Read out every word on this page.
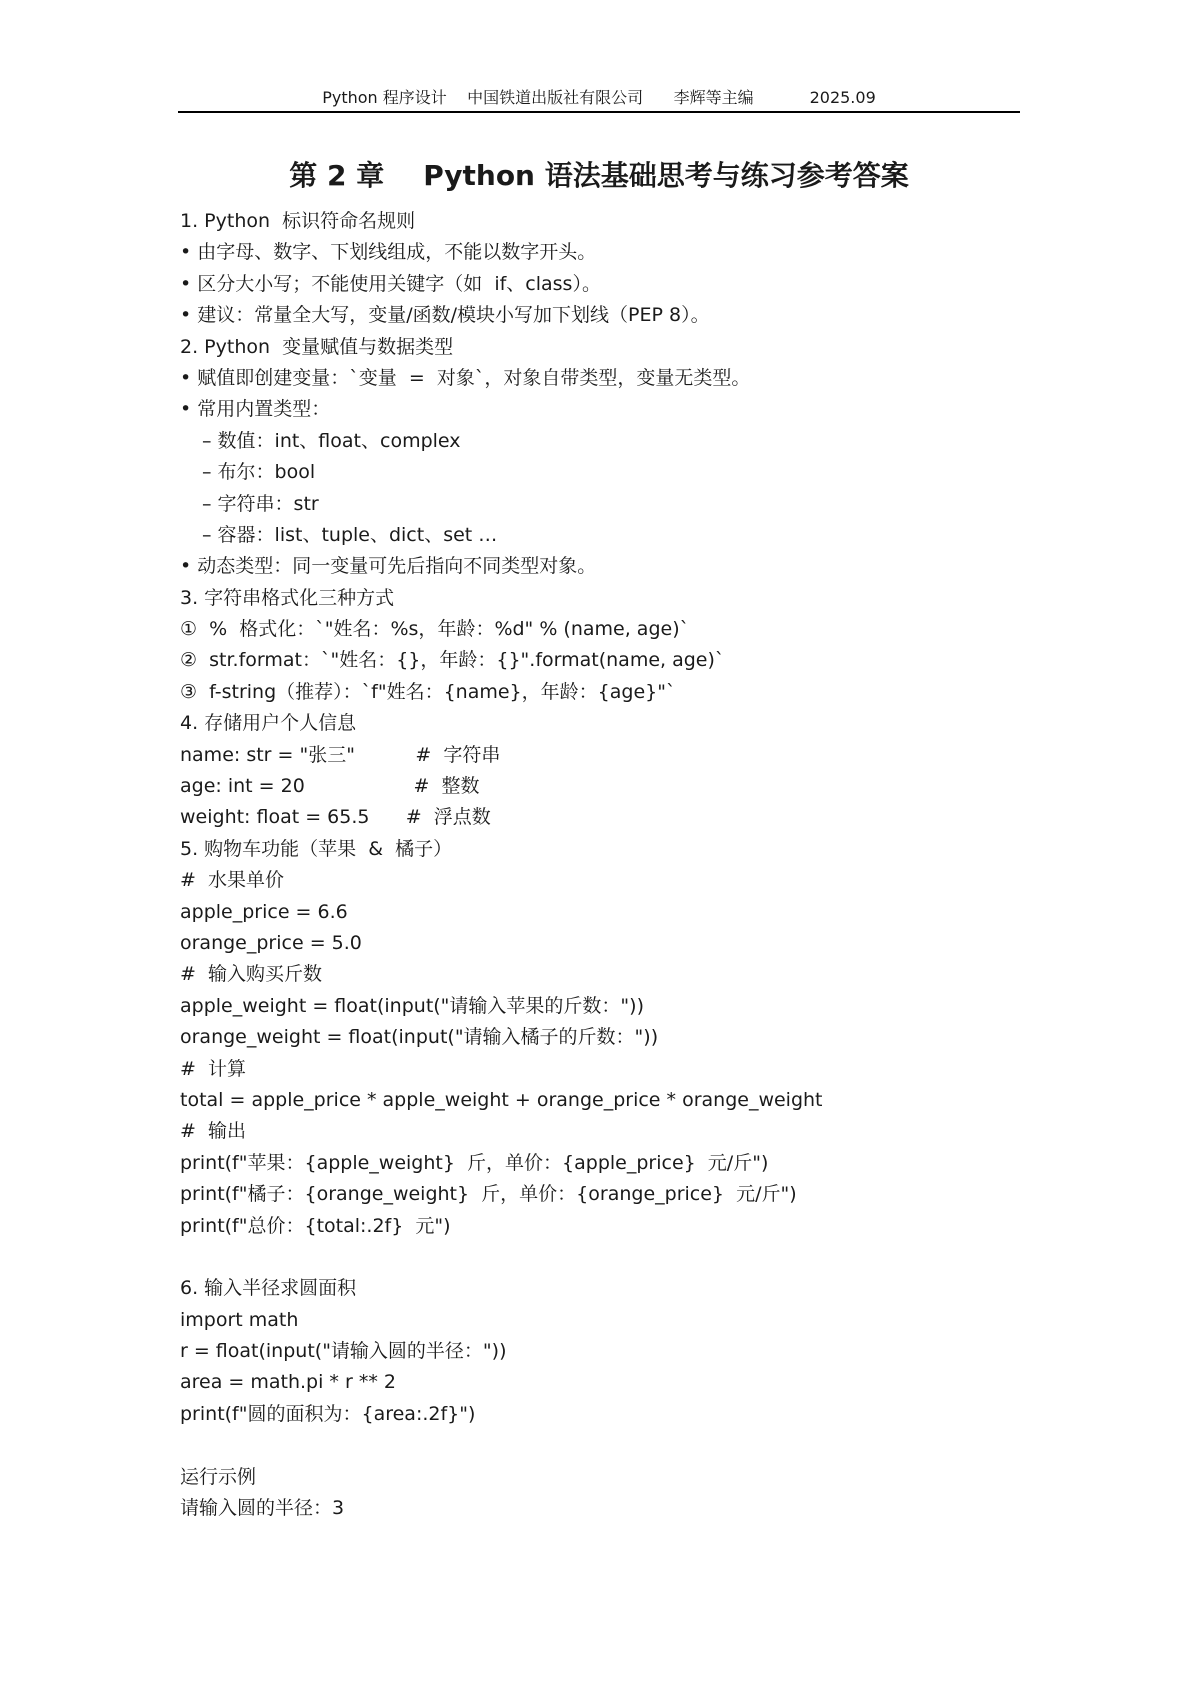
Python 程序设计    中国铁道出版社有限公司      李辉等主编           2025.09
第 2 章    Python 语法基础思考与练习参考答案
1. Python  标识符命名规则
• 由字母、数字、下划线组成，不能以数字开头。
• 区分大小写；不能使用关键字（如  if、class）。
• 建议：常量全大写，变量/函数/模块小写加下划线（PEP 8）。
2. Python  变量赋值与数据类型
• 赋值即创建变量：`变量  =  对象`，对象自带类型，变量无类型。
• 常用内置类型：
– 数值：int、float、complex
– 布尔：bool
– 字符串：str
– 容器：list、tuple、dict、set …
• 动态类型：同一变量可先后指向不同类型对象。
3. 字符串格式化三种方式
①  %  格式化：`"姓名：%s，年龄：%d" % (name, age)`
②  str.format：`"姓名：{}，年龄：{}".format(name, age)`
③  f-string（推荐）：`f"姓名：{name}，年龄：{age}"`
4. 存储用户个人信息
name: str = "张三"          #  字符串
age: int = 20                  #  整数
weight: float = 65.5      #  浮点数
5. 购物车功能（苹果  &  橘子）
#  水果单价
apple_price = 6.6
orange_price = 5.0
#  输入购买斤数
apple_weight = float(input("请输入苹果的斤数："))
orange_weight = float(input("请输入橘子的斤数："))
#  计算
total = apple_price * apple_weight + orange_price * orange_weight
#  输出
print(f"苹果：{apple_weight}  斤，单价：{apple_price}  元/斤")
print(f"橘子：{orange_weight}  斤，单价：{orange_price}  元/斤")
print(f"总价：{total:.2f}  元")
6. 输入半径求圆面积
import math
r = float(input("请输入圆的半径："))
area = math.pi * r ** 2
print(f"圆的面积为：{area:.2f}")
运行示例
请输入圆的半径：3
